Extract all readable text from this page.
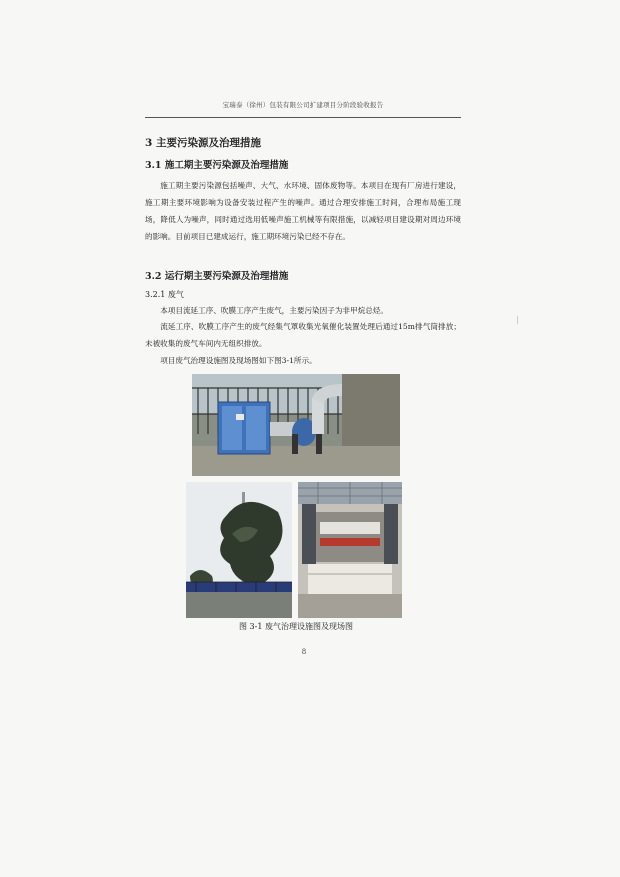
宝瑞泰（徐州）包装有限公司扩建项目分阶段验收报告
3 主要污染源及治理措施
3.1 施工期主要污染源及治理措施
施工期主要污染源包括噪声、大气、水环境、固体废物等。本项目在现有厂房进行建设，施工期主要环境影响为设备安装过程产生的噪声。通过合理安排施工时间，合理布局施工现场，降低人为噪声，同时通过选用低噪声施工机械等有限措施，以减轻项目建设期对周边环境的影响。目前项目已建成运行，施工期环境污染已经不存在。
3.2 运行期主要污染源及治理措施
3.2.1 废气
本项目流延工序、吹膜工序产生废气，主要污染因子为非甲烷总烃。
流延工序、吹膜工序产生的废气经集气罩收集光氧催化装置处理后通过15m排气筒排放；未被收集的废气车间内无组织排放。
项目废气治理设施图及现场图如下图3-1所示。
图 3-1 废气治理设施图及现场图
8
